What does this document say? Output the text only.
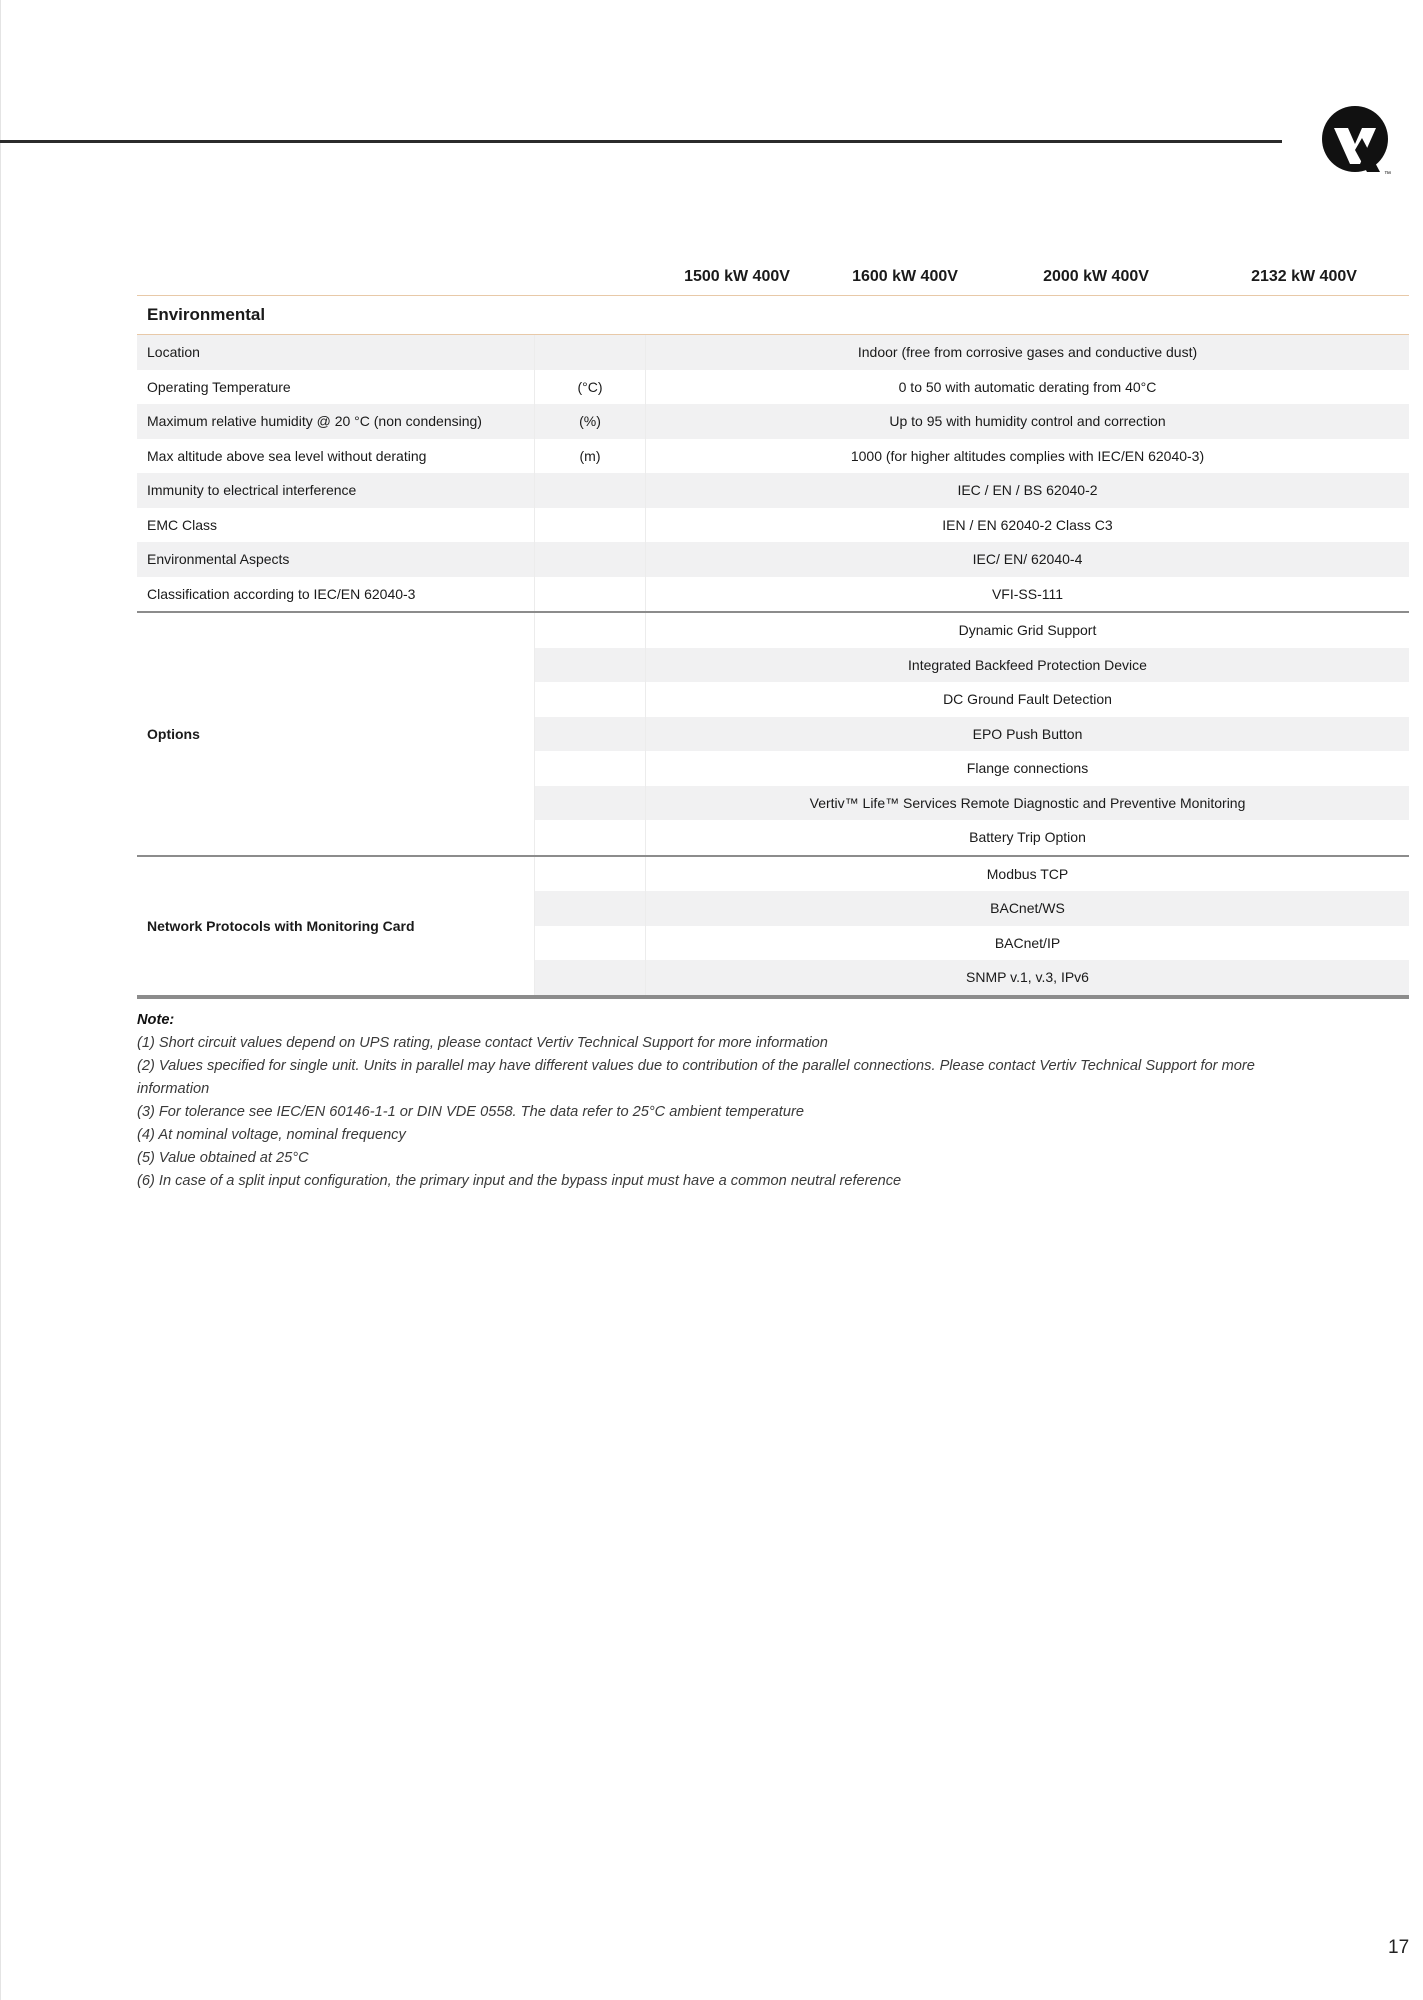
™
1500 kW 400V	1600 kW 400V	2000 kW 400V	2132 kW 400V
Environmental
Location	Indoor (free from corrosive gases and conductive dust)
Operating Temperature	(°C)	0 to 50 with automatic derating from 40°C
Maximum relative humidity @ 20 °C (non condensing)	(%)	Up to 95 with humidity control and correction
Max altitude above sea level without derating	(m)	1000 (for higher altitudes complies with IEC/EN 62040-3)
Immunity to electrical interference	IEC / EN / BS 62040-2
EMC Class	IEN / EN 62040-2 Class C3
Environmental Aspects	IEC/ EN/ 62040-4
Classification according to IEC/EN 62040-3	VFI-SS-111
Options
Dynamic Grid Support
Integrated Backfeed Protection Device
DC Ground Fault Detection
EPO Push Button
Flange connections
Vertiv™ Life™ Services Remote Diagnostic and Preventive Monitoring
Battery Trip Option
Network Protocols with Monitoring Card
Modbus TCP
BACnet/WS
BACnet/IP
SNMP v.1, v.3, IPv6
Note:
(1) Short circuit values depend on UPS rating, please contact Vertiv Technical Support for more information
(2) Values specified for single unit. Units in parallel may have different values due to contribution of the parallel connections. Please contact Vertiv Technical Support for more information
(3) For tolerance see IEC/EN 60146-1-1 or DIN VDE 0558. The data refer to 25°C ambient temperature
(4) At nominal voltage, nominal frequency
(5) Value obtained at 25°C
(6) In case of a split input configuration, the primary input and the bypass input must have a common neutral reference
17
